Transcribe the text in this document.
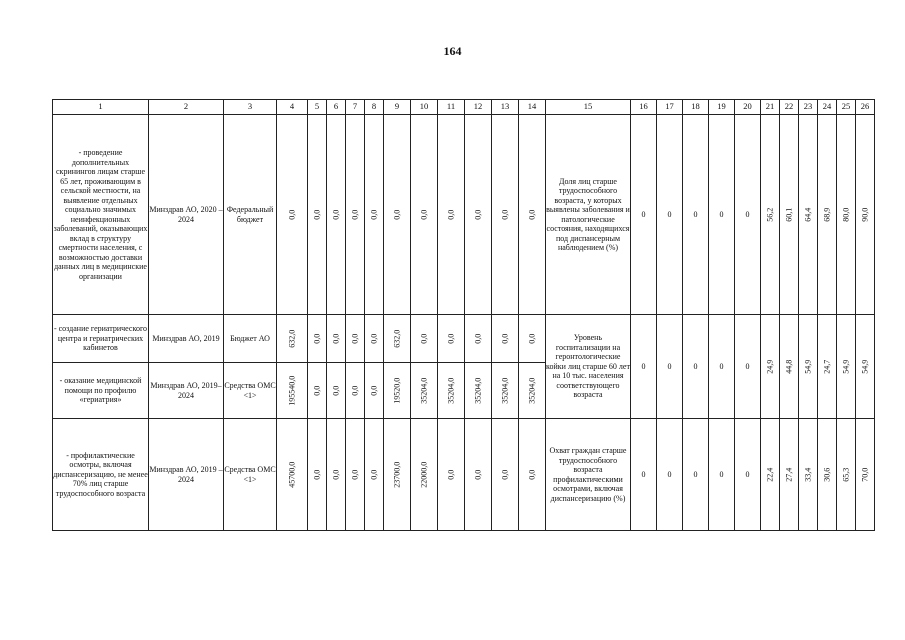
164
1	2	3	4	5	6	7	8	9	10	11	12	13	14	15	16	17	18	19	20	21	22	23	24	25	26
- проведение дополнительных скринингов лицам старше 65 лет, проживающим в сельской местности, на выявление отдельных социально значимых неинфекционных заболеваний, оказывающих вклад в структуру смертности населения, с возможностью доставки данных лиц в медицинские организации	Минздрав АО, 2020 – 2024	Федеральный бюджет	0,0	0,0	0,0	0,0	0,0	0,0	0,0	0,0	0,0	0,0	0,0	Доля лиц старше трудоспособного возраста, у которых выявлены заболевания и патологические состояния, находящихся под диспансерным наблюдением (%)	0	0	0	0	0	56,2	60,1	64,4	68,9	80,0	90,0
- создание гериатрического центра и гериатрических кабинетов	Минздрав АО, 2019	Бюджет АО	632,0	0,0	0,0	0,0	0,0	632,0	0,0	0,0	0,0	0,0	0,0	Уровень госпитализации на геронтологические койки лиц старше 60 лет на 10 тыс. населения соответствующего возраста	0	0	0	0	0	24,9	44,8	54,9	24,7	54,9	54,9
- оказание медицинской помощи по профилю «гериатрия»	Минздрав АО, 2019– 2024	Средства ОМС <1>	195540,0	0,0	0,0	0,0	0,0	19520,0	35204,0	35204,0	35204,0	35204,0	35204,0												
- профилактические осмотры, включая диспансеризацию, не менее 70% лиц старше трудоспособного возраста	Минздрав АО, 2019 – 2024	Средства ОМС <1>	45700,0	0,0	0,0	0,0	0,0	23700,0	22000,0	0,0	0,0	0,0	0,0	Охват граждан старше трудоспособного возраста профилактическими осмотрами, включая диспансеризацию (%)	0	0	0	0	0	22,4	27,4	33,4	30,6	65,3	70,0
